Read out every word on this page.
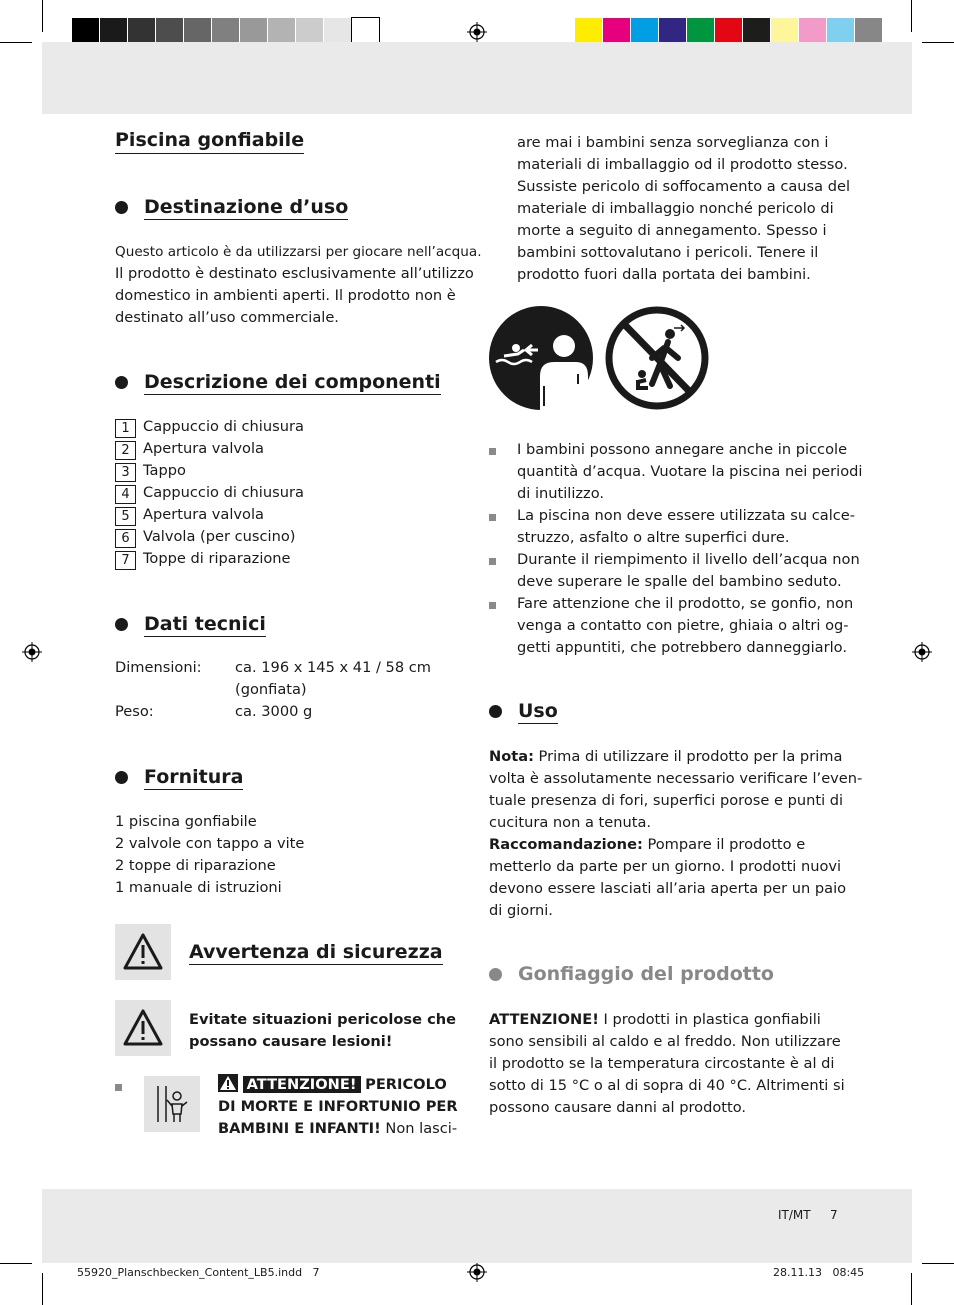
Piscina gonfiabile
Destinazione d’uso

Questo articolo è da utilizzarsi per giocare nell’acqua.

Il prodotto è destinato esclusivamente all’utilizzo

domestico in ambienti aperti. Il prodotto non è

destinato all’uso commerciale.

Descrizione dei componenti
1 Cappuccio di chiusura
2 Apertura valvola
3 Tappo
4 Cappuccio di chiusura
5 Apertura valvola
6 Valvola (per cuscino)
7 Toppe di riparazione
Dati tecnici
Dimensioni: ca. 196 x 145 x 41 / 58 cm
(gonfiata)
Peso:	ca. 3000 g
Fornitura

1 piscina gonfiabile

2 valvole con tappo a vite

2 toppe di riparazione

1 manuale di istruzioni

Avvertenza di sicurezza

Evitate situazioni pericolose che

possano causare lesioni!

ATTENZIONE! PERICOLO

DI MORTE E INFORTUNIO PER

BAMBINI E INFANTI! Non lasci-

are mai i bambini senza sorveglianza con i

materiali di imballaggio od il prodotto stesso.

Sussiste pericolo di soffocamento a causa del

materiale di imballaggio nonché pericolo di

morte a seguito di annegamento. Spesso i

bambini sottovalutano i pericoli. Tenere il

prodotto fuori dalla portata dei bambini.

I bambini possono annegare anche in piccole

quantità d’acqua. Vuotare la piscina nei periodi

di inutilizzo.

La piscina non deve essere utilizzata su calce-

struzzo, asfalto o altre superfici dure.

Durante il riempimento il livello dell’acqua non

deve superare le spalle del bambino seduto.

Fare attenzione che il prodotto, se gonfio, non

venga a contatto con pietre, ghiaia o altri og-

getti appuntiti, che potrebbero danneggiarlo.

Uso

Nota: Prima di utilizzare il prodotto per la prima

volta è assolutamente necessario verificare l’even-

tuale presenza di fori, superfici porose e punti di

cucitura non a tenuta.

Raccomandazione: Pompare il prodotto e

metterlo da parte per un giorno. I prodotti nuovi

devono essere lasciati all’aria aperta per un paio

di giorni.

Gonfiaggio del prodotto

ATTENZIONE! I prodotti in plastica gonfiabili

sono sensibili al caldo e al freddo. Non utilizzare

il prodotto se la temperatura circostante è al di

sotto di 15 °C o al di sopra di 40 °C. Altrimenti si

possono causare danni al prodotto.

IT/MT 7
55920_Planschbecken_Content_LB5.indd   7	28.11.13   08:45
